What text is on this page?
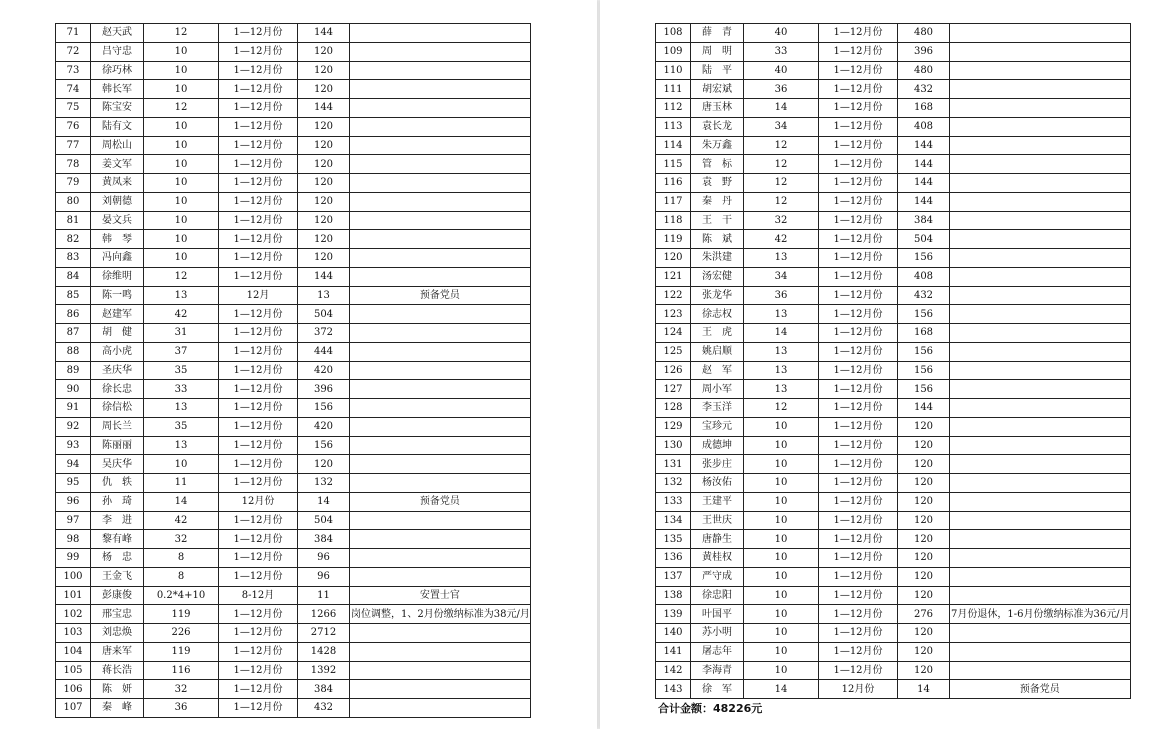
71	赵天武	12	1—12月份	144	
72	吕守忠	10	1—12月份	120	
73	徐巧林	10	1—12月份	120	
74	韩长军	10	1—12月份	120	
75	陈宝安	12	1—12月份	144	
76	陆有文	10	1—12月份	120	
77	周松山	10	1—12月份	120	
78	姜文军	10	1—12月份	120	
79	黄凤来	10	1—12月份	120	
80	刘朝德	10	1—12月份	120	
81	晏文兵	10	1—12月份	120	
82	韩　琴	10	1—12月份	120	
83	冯向鑫	10	1—12月份	120	
84	徐维明	12	1—12月份	144	
85	陈一鸣	13	12月	13	预备党员
86	赵建军	42	1—12月份	504	
87	胡　健	31	1—12月份	372	
88	高小虎	37	1—12月份	444	
89	圣庆华	35	1—12月份	420	
90	徐长忠	33	1—12月份	396	
91	徐信松	13	1—12月份	156	
92	周长兰	35	1—12月份	420	
93	陈丽丽	13	1—12月份	156	
94	吴庆华	10	1—12月份	120	
95	仇　轶	11	1—12月份	132	
96	孙　琦	14	12月份	14	预备党员
97	李　进	42	1—12月份	504	
98	黎有峰	32	1—12月份	384	
99	杨　忠	8	1—12月份	96	
100	王金飞	8	1—12月份	96	
101	彭康俊	0.2*4+10	8-12月	11	安置士官
102	邢宝忠	119	1—12月份	1266	岗位调整，1、2月份缴纳标准为38元/月
103	刘忠焕	226	1—12月份	2712	
104	唐来军	119	1—12月份	1428	
105	蒋长浩	116	1—12月份	1392	
106	陈　妍	32	1—12月份	384	
107	秦　峰	36	1—12月份	432	
108	薛　青	40	1—12月份	480	
109	周　明	33	1—12月份	396	
110	陆　平	40	1—12月份	480	
111	胡宏斌	36	1—12月份	432	
112	唐玉林	14	1—12月份	168	
113	袁长龙	34	1—12月份	408	
114	朱万鑫	12	1—12月份	144	
115	管　标	12	1—12月份	144	
116	袁　野	12	1—12月份	144	
117	秦　丹	12	1—12月份	144	
118	王　干	32	1—12月份	384	
119	陈　斌	42	1—12月份	504	
120	朱洪建	13	1—12月份	156	
121	汤宏健	34	1—12月份	408	
122	张龙华	36	1—12月份	432	
123	徐志权	13	1—12月份	156	
124	王　虎	14	1—12月份	168	
125	姚启顺	13	1—12月份	156	
126	赵　军	13	1—12月份	156	
127	周小军	13	1—12月份	156	
128	李玉洋	12	1—12月份	144	
129	宝珍元	10	1—12月份	120	
130	成德坤	10	1—12月份	120	
131	张步庄	10	1—12月份	120	
132	杨汝佑	10	1—12月份	120	
133	王建平	10	1—12月份	120	
134	王世庆	10	1—12月份	120	
135	唐静生	10	1—12月份	120	
136	黄桂权	10	1—12月份	120	
137	严守成	10	1—12月份	120	
138	徐忠阳	10	1—12月份	120	
139	叶国平	10	1—12月份	276	7月份退休，1-6月份缴纳标准为36元/月
140	苏小明	10	1—12月份	120	
141	屠志年	10	1—12月份	120	
142	李海青	10	1—12月份	120	
143	徐　军	14	12月份	14	预备党员
合计金额：48226元
